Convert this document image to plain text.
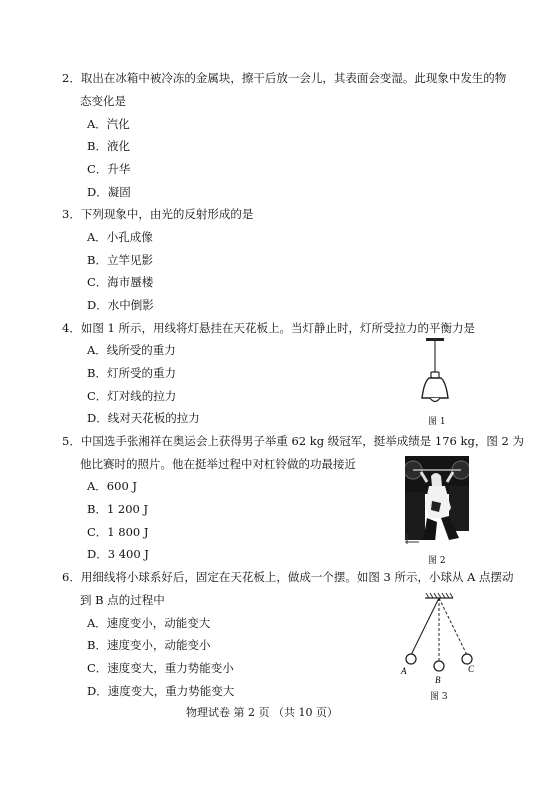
2．取出在冰箱中被冷冻的金属块，擦干后放一会儿，其表面会变湿。此现象中发生的物
态变化是
A．汽化
B．液化
C．升华
D．凝固
3．下列现象中，由光的反射形成的是
A．小孔成像
B．立竿见影
C．海市蜃楼
D．水中倒影
4．如图 1 所示，用线将灯悬挂在天花板上。当灯静止时，灯所受拉力的平衡力是
A．线所受的重力
B．灯所受的重力
C．灯对线的拉力
D．线对天花板的拉力	图 1
5．中国选手张湘祥在奥运会上获得男子举重 62 kg 级冠军，挺举成绩是 176 kg，图 2 为
他比赛时的照片。他在挺举过程中对杠铃做的功最接近
A．600 J
B．1 200 J
C．1 800 J
D．3 400 J	图 2
6．用细线将小球系好后，固定在天花板上，做成一个摆。如图 3 所示，小球从 A 点摆动
到 B 点的过程中
A．速度变小，动能变大
B．速度变小，动能变小
C．速度变大，重力势能变小
D．速度变大，重力势能变大
A
B
C
图 3
物理试卷 第 2 页 （共 10 页）
